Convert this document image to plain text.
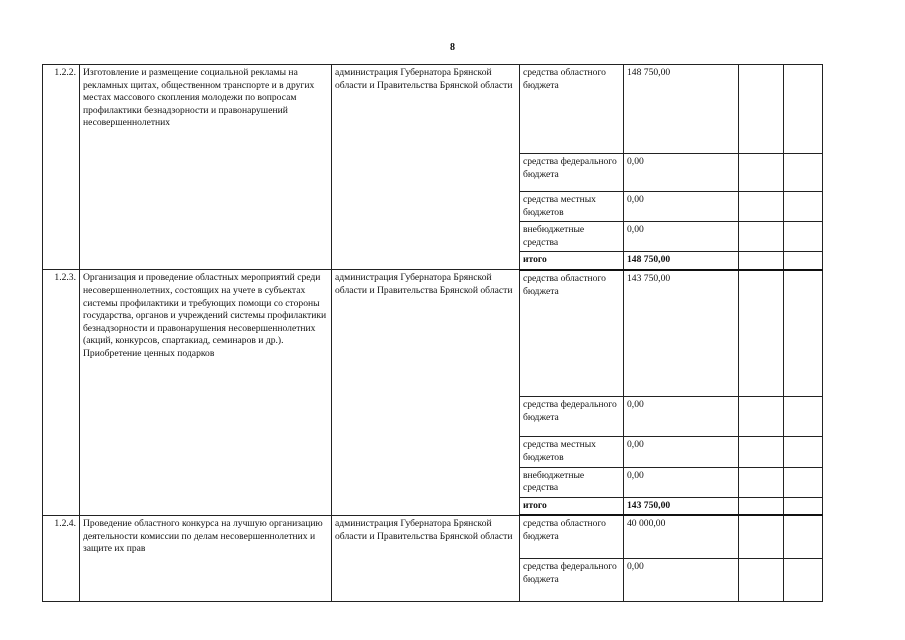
8
1.2.2.	Изготовление и размещение социальной рекламы на рекламных щитах, общественном транспорте и в других местах массового скопления молодежи по вопросам профилактики безнадзорности и правонарушений несовершеннолетних	администрация Губернатора Брянской области и Правительства Брянской области	средства областного бюджета	148 750,00		
			средства федерального бюджета	0,00		
			средства местных бюджетов	0,00		
			внебюджетные средства	0,00		
			итого	148 750,00		
1.2.3.	Организация и проведение областных мероприятий среди несовершеннолетних, состоящих на учете в субъектах системы профилактики и требующих помощи со стороны государства, органов и учреждений системы профилактики безнадзорности и правонарушения несовершеннолетних (акций, конкурсов, спартакиад, семинаров и др.). Приобретение ценных подарков	администрация Губернатора Брянской области и Правительства Брянской области	средства областного бюджета	143 750,00		
			средства федерального бюджета	0,00		
			средства местных бюджетов	0,00		
			внебюджетные средства	0,00		
			итого	143 750,00		
1.2.4.	Проведение областного конкурса на лучшую организацию деятельности комиссии по делам несовершеннолетних и защите их прав	администрация Губернатора Брянской области и Правительства Брянской области	средства областного бюджета	40 000,00		
			средства федерального бюджета	0,00		
